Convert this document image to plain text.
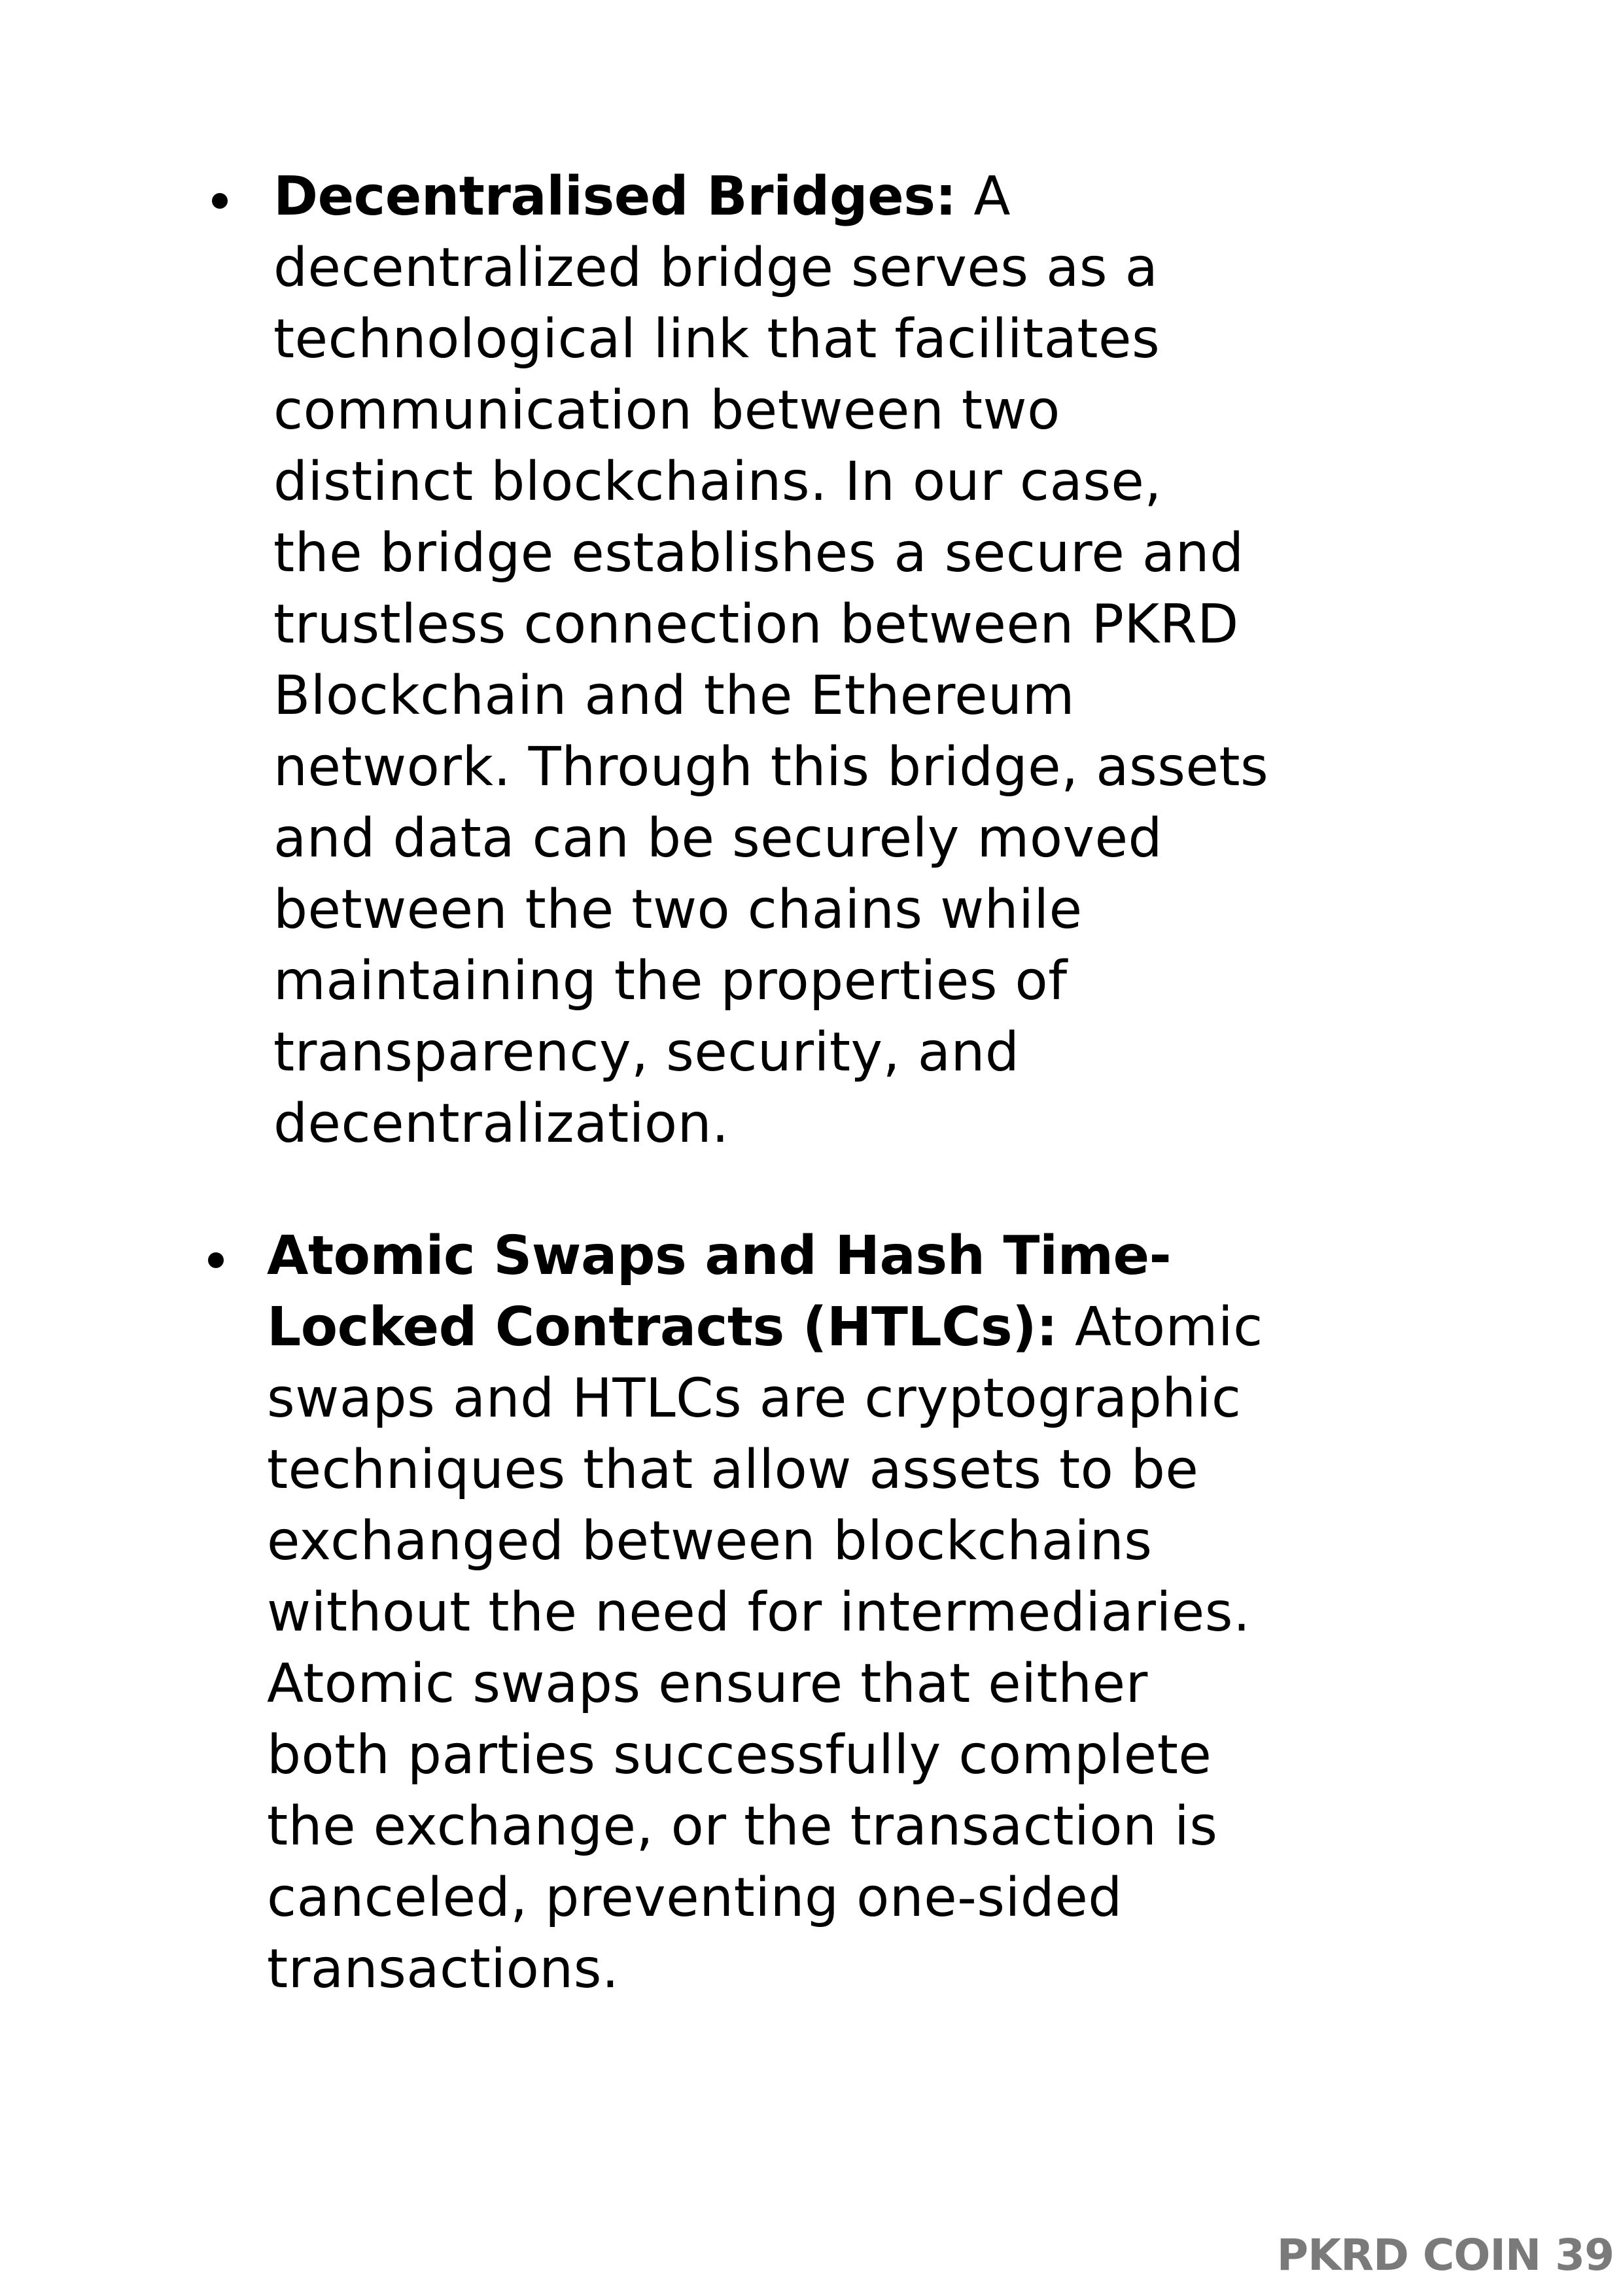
Decentralised Bridges: A
decentralized bridge serves as a
technological link that facilitates
communication between two
distinct blockchains. In our case,
the bridge establishes a secure and
trustless connection between PKRD
Blockchain and the Ethereum
network. Through this bridge, assets
and data can be securely moved
between the two chains while
maintaining the properties of
transparency, security, and
decentralization.

Atomic Swaps and Hash Time-
Locked Contracts (HTLCs): Atomic
swaps and HTLCs are cryptographic
techniques that allow assets to be
exchanged between blockchains
without the need for intermediaries.
Atomic swaps ensure that either
both parties successfully complete
the exchange, or the transaction is
canceled, preventing one-sided
transactions.

PKRD COIN 39
